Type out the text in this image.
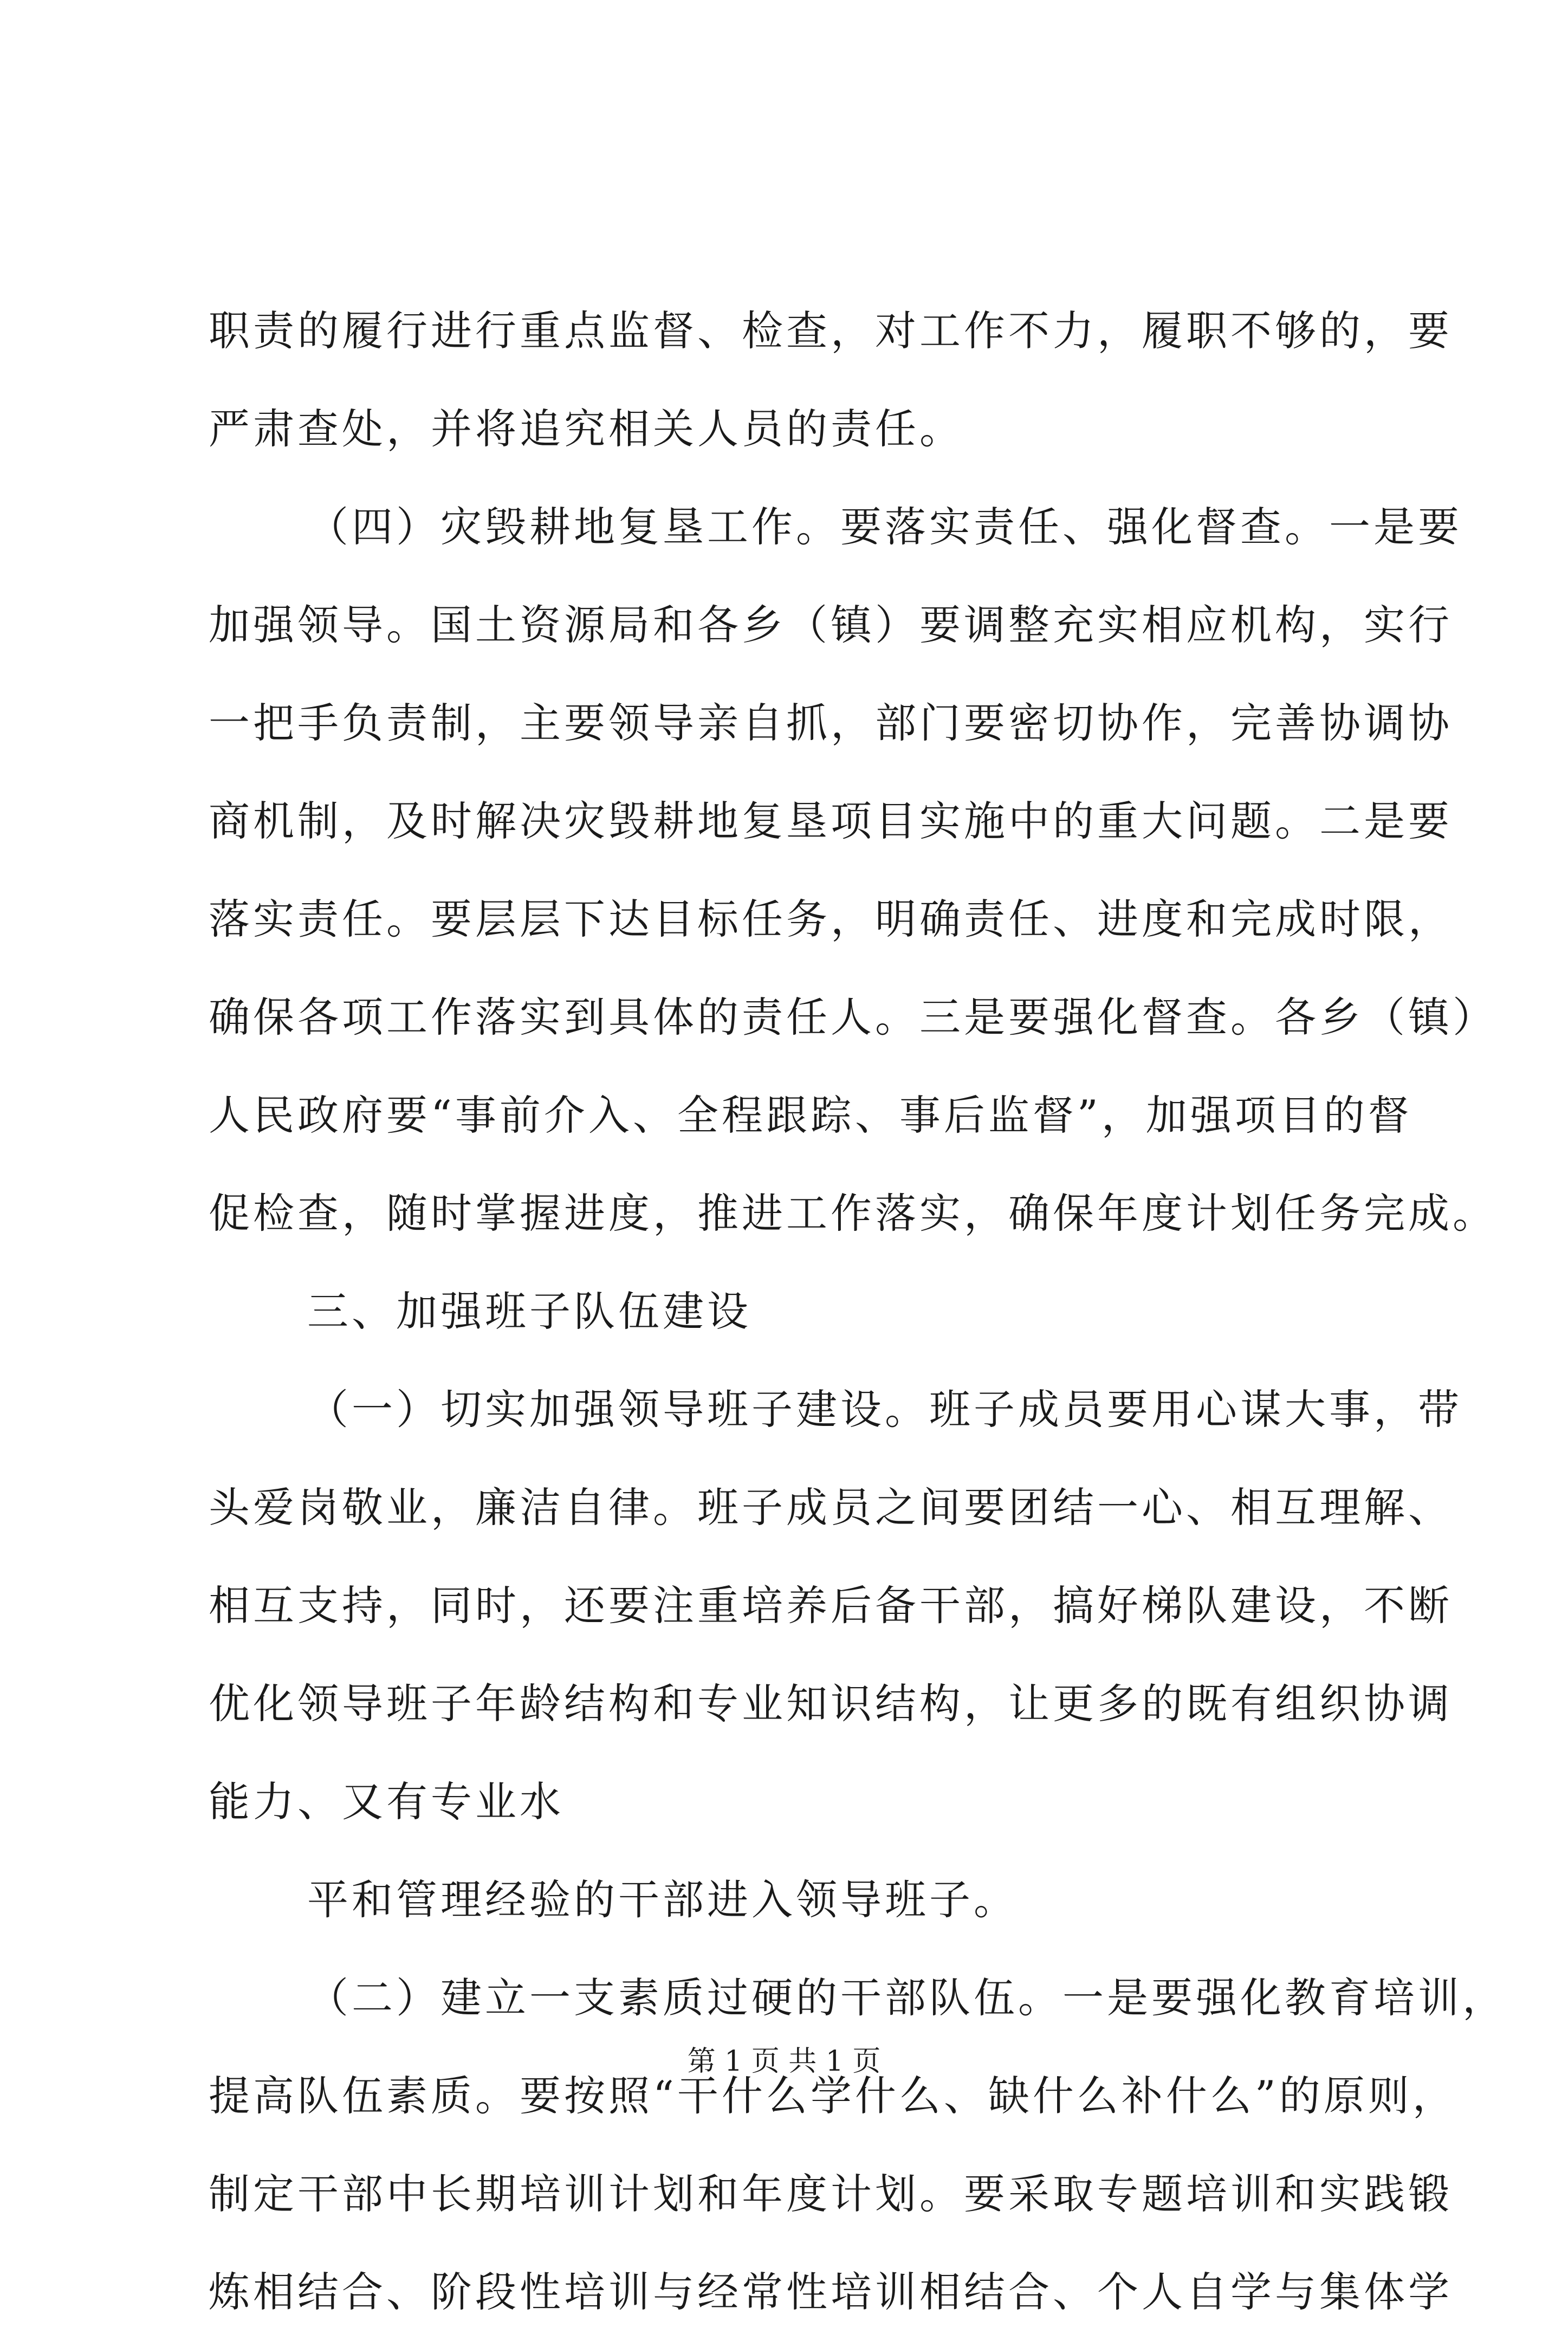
职责的履行进行重点监督、检查，对工作不力，履职不够的，要
严肃查处，并将追究相关人员的责任。
（四）灾毁耕地复垦工作。要落实责任、强化督查。一是要
加强领导。国土资源局和各乡（镇）要调整充实相应机构，实行
一把手负责制，主要领导亲自抓，部门要密切协作，完善协调协
商机制，及时解决灾毁耕地复垦项目实施中的重大问题。二是要
落实责任。要层层下达目标任务，明确责任、进度和完成时限，
确保各项工作落实到具体的责任人。三是要强化督查。各乡（镇）
人民政府要“事前介入、全程跟踪、事后监督”，加强项目的督
促检查，随时掌握进度，推进工作落实，确保年度计划任务完成。
三、加强班子队伍建设
（一）切实加强领导班子建设。班子成员要用心谋大事，带
头爱岗敬业，廉洁自律。班子成员之间要团结一心、相互理解、
相互支持，同时，还要注重培养后备干部，搞好梯队建设，不断
优化领导班子年龄结构和专业知识结构，让更多的既有组织协调
能力、又有专业水
平和管理经验的干部进入领导班子。
（二）建立一支素质过硬的干部队伍。一是要强化教育培训，
提高队伍素质。要按照“干什么学什么、缺什么补什么”的原则，
制定干部中长期培训计划和年度计划。要采取专题培训和实践锻
炼相结合、阶段性培训与经常性培训相结合、个人自学与集体学
第 1 页 共 1 页
